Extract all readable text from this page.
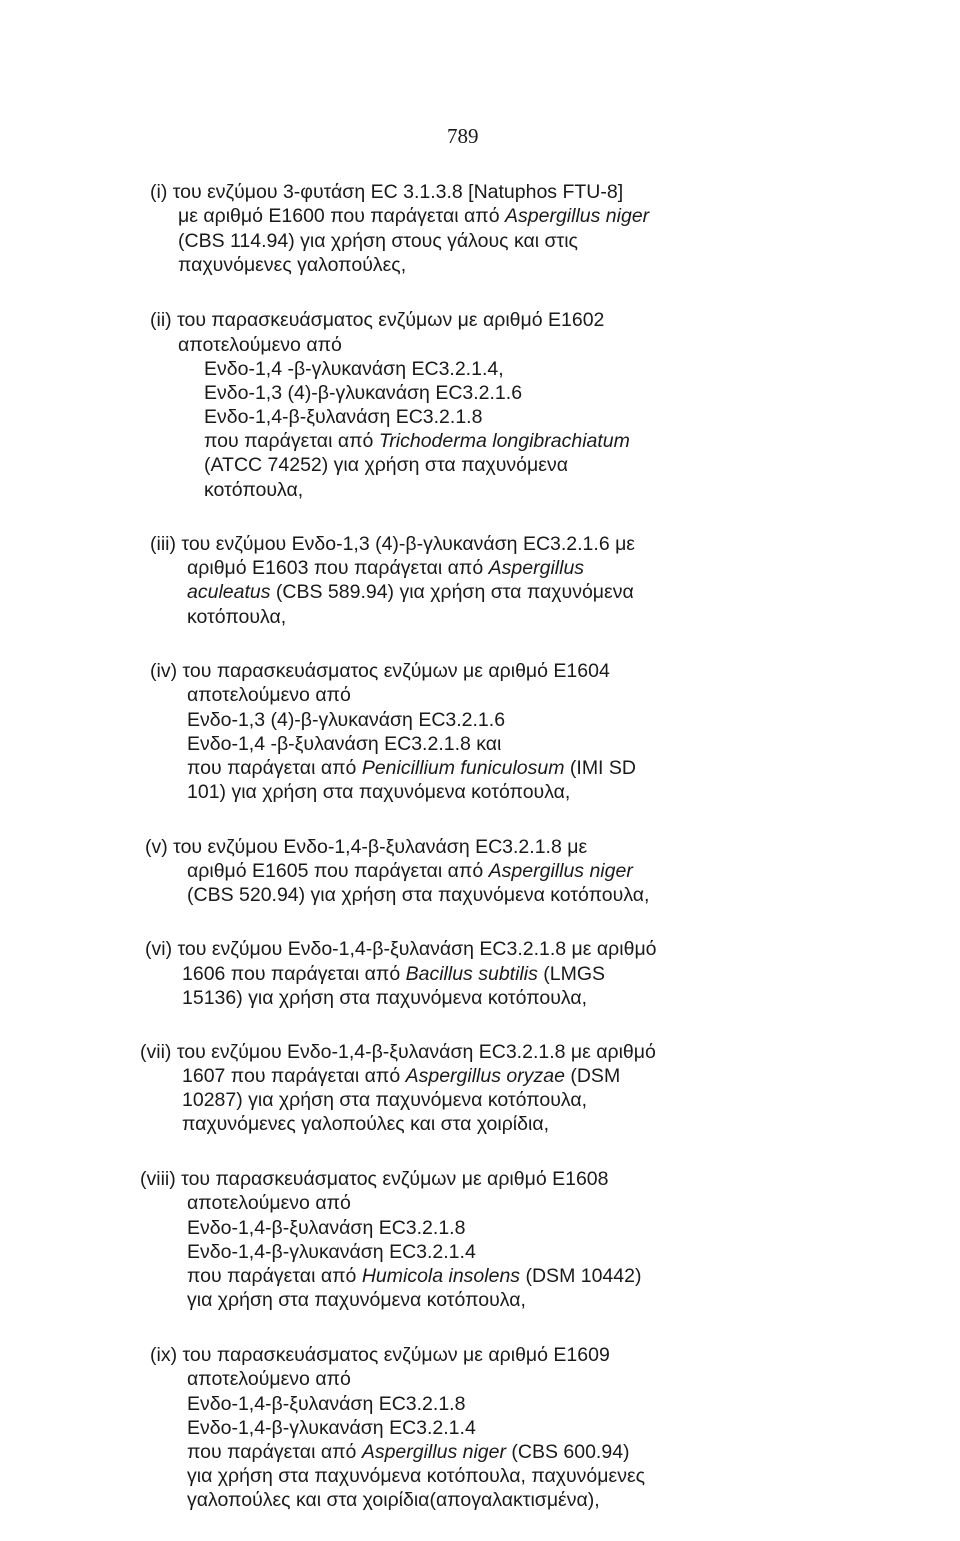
789
(i) του ενζύμου 3-φυτάση EC 3.1.3.8 [Natuphos FTU-8]
με αριθμό E1600 που παράγεται από Aspergillus niger
(CBS 114.94) για χρήση στους γάλους και στις
παχυνόμενες γαλοπούλες,
(ii) του παρασκευάσματος ενζύμων με αριθμό E1602
αποτελούμενο από
Ενδο-1,4 -β-γλυκανάση EC3.2.1.4,
Ενδο-1,3 (4)-β-γλυκανάση EC3.2.1.6
Ενδο-1,4-β-ξυλανάση EC3.2.1.8
που παράγεται από Trichoderma longibrachiatum
(ATCC 74252) για χρήση στα παχυνόμενα
κοτόπουλα,
(iii) του ενζύμου Ενδο-1,3 (4)-β-γλυκανάση EC3.2.1.6 με
αριθμό E1603 που παράγεται από Aspergillus
aculeatus (CBS 589.94) για χρήση στα παχυνόμενα
κοτόπουλα,
(iv) του παρασκευάσματος ενζύμων με αριθμό E1604
αποτελούμενο από
Ενδο-1,3 (4)-β-γλυκανάση EC3.2.1.6
Ενδο-1,4 -β-ξυλανάση EC3.2.1.8 και
που παράγεται από Penicillium funiculosum (IMI SD
101) για χρήση στα παχυνόμενα κοτόπουλα,
(v) του ενζύμου Ενδο-1,4-β-ξυλανάση EC3.2.1.8 με
αριθμό E1605 που παράγεται από Aspergillus niger
(CBS 520.94) για χρήση στα παχυνόμενα κοτόπουλα,
(vi) του ενζύμου Ενδο-1,4-β-ξυλανάση EC3.2.1.8 με αριθμό
1606 που παράγεται από Bacillus subtilis (LMGS
15136) για χρήση στα παχυνόμενα κοτόπουλα,
(vii) του ενζύμου Ενδο-1,4-β-ξυλανάση EC3.2.1.8 με αριθμό
1607 που παράγεται από Aspergillus oryzae (DSM
10287) για χρήση στα παχυνόμενα κοτόπουλα,
παχυνόμενες γαλοπούλες και στα χοιρίδια,
(viii) του παρασκευάσματος ενζύμων με αριθμό E1608
αποτελούμενο από
Ενδο-1,4-β-ξυλανάση EC3.2.1.8
Ενδο-1,4-β-γλυκανάση EC3.2.1.4
που παράγεται από Humicola insolens (DSM 10442)
για χρήση στα παχυνόμενα κοτόπουλα,
(ix) του παρασκευάσματος ενζύμων με αριθμό E1609
αποτελούμενο από
Ενδο-1,4-β-ξυλανάση EC3.2.1.8
Ενδο-1,4-β-γλυκανάση EC3.2.1.4
που παράγεται από Aspergillus niger (CBS 600.94)
για χρήση στα παχυνόμενα κοτόπουλα, παχυνόμενες
γαλοπούλες και στα χοιρίδια(απογαλακτισμένα),
